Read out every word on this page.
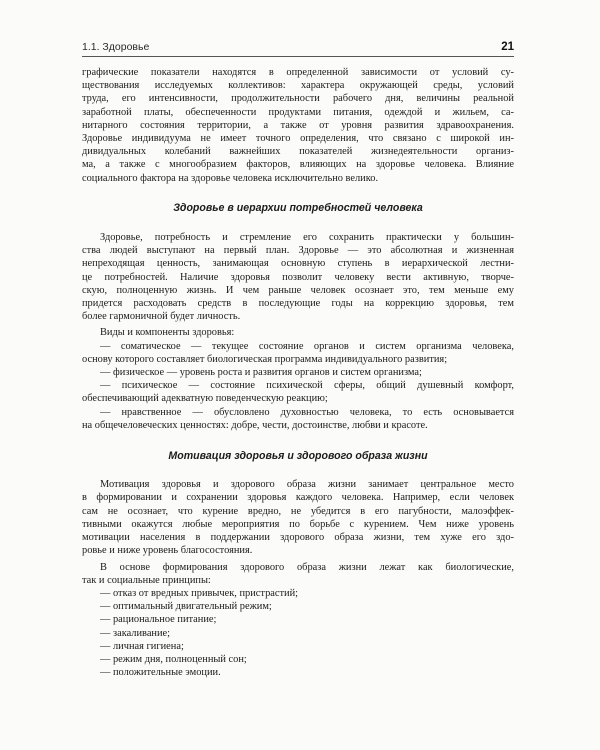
1.1. Здоровье	21
графические показатели находятся в определенной зависимости от условий су-
ществования исследуемых коллективов: характера окружающей среды, условий
труда, его интенсивности, продолжительности рабочего дня, величины реальной
заработной платы, обеспеченности продуктами питания, одеждой и жильем, са-
нитарного состояния территории, а также от уровня развития здравоохранения.
Здоровье индивидуума не имеет точного определения, что связано с широкой ин-
дивидуальных колебаний важнейших показателей жизнедеятельности организ-
ма, а также с многообразием факторов, влияющих на здоровье человека. Влияние
социального фактора на здоровье человека исключительно велико.
Здоровье в иерархии потребностей человека
Здоровье, потребность и стремление его сохранить практически у большин-
ства людей выступают на первый план. Здоровье — это абсолютная и жизненная
непреходящая ценность, занимающая основную ступень в иерархической лестни-
це потребностей. Наличие здоровья позволит человеку вести активную, творче-
скую, полноценную жизнь. И чем раньше человек осознает это, тем меньше ему
придется расходовать средств в последующие годы на коррекцию здоровья, тем
более гармоничной будет личность.
Виды и компоненты здоровья:
— соматическое — текущее состояние органов и систем организма человека,
основу которого составляет биологическая программа индивидуального развития;
— физическое — уровень роста и развития органов и систем организма;
— психическое — состояние психической сферы, общий душевный комфорт,
обеспечивающий адекватную поведенческую реакцию;
— нравственное — обусловлено духовностью человека, то есть основывается
на общечеловеческих ценностях: добре, чести, достоинстве, любви и красоте.
Мотивация здоровья и здорового образа жизни
Мотивация здоровья и здорового образа жизни занимает центральное место
в формировании и сохранении здоровья каждого человека. Например, если человек
сам не осознает, что курение вредно, не убедится в его пагубности, малоэффек-
тивными окажутся любые мероприятия по борьбе с курением. Чем ниже уровень
мотивации населения в поддержании здорового образа жизни, тем хуже его здо-
ровье и ниже уровень благосостояния.
В основе формирования здорового образа жизни лежат как биологические,
так и социальные принципы:
— отказ от вредных привычек, пристрастий;
— оптимальный двигательный режим;
— рациональное питание;
— закаливание;
— личная гигиена;
— режим дня, полноценный сон;
— положительные эмоции.
